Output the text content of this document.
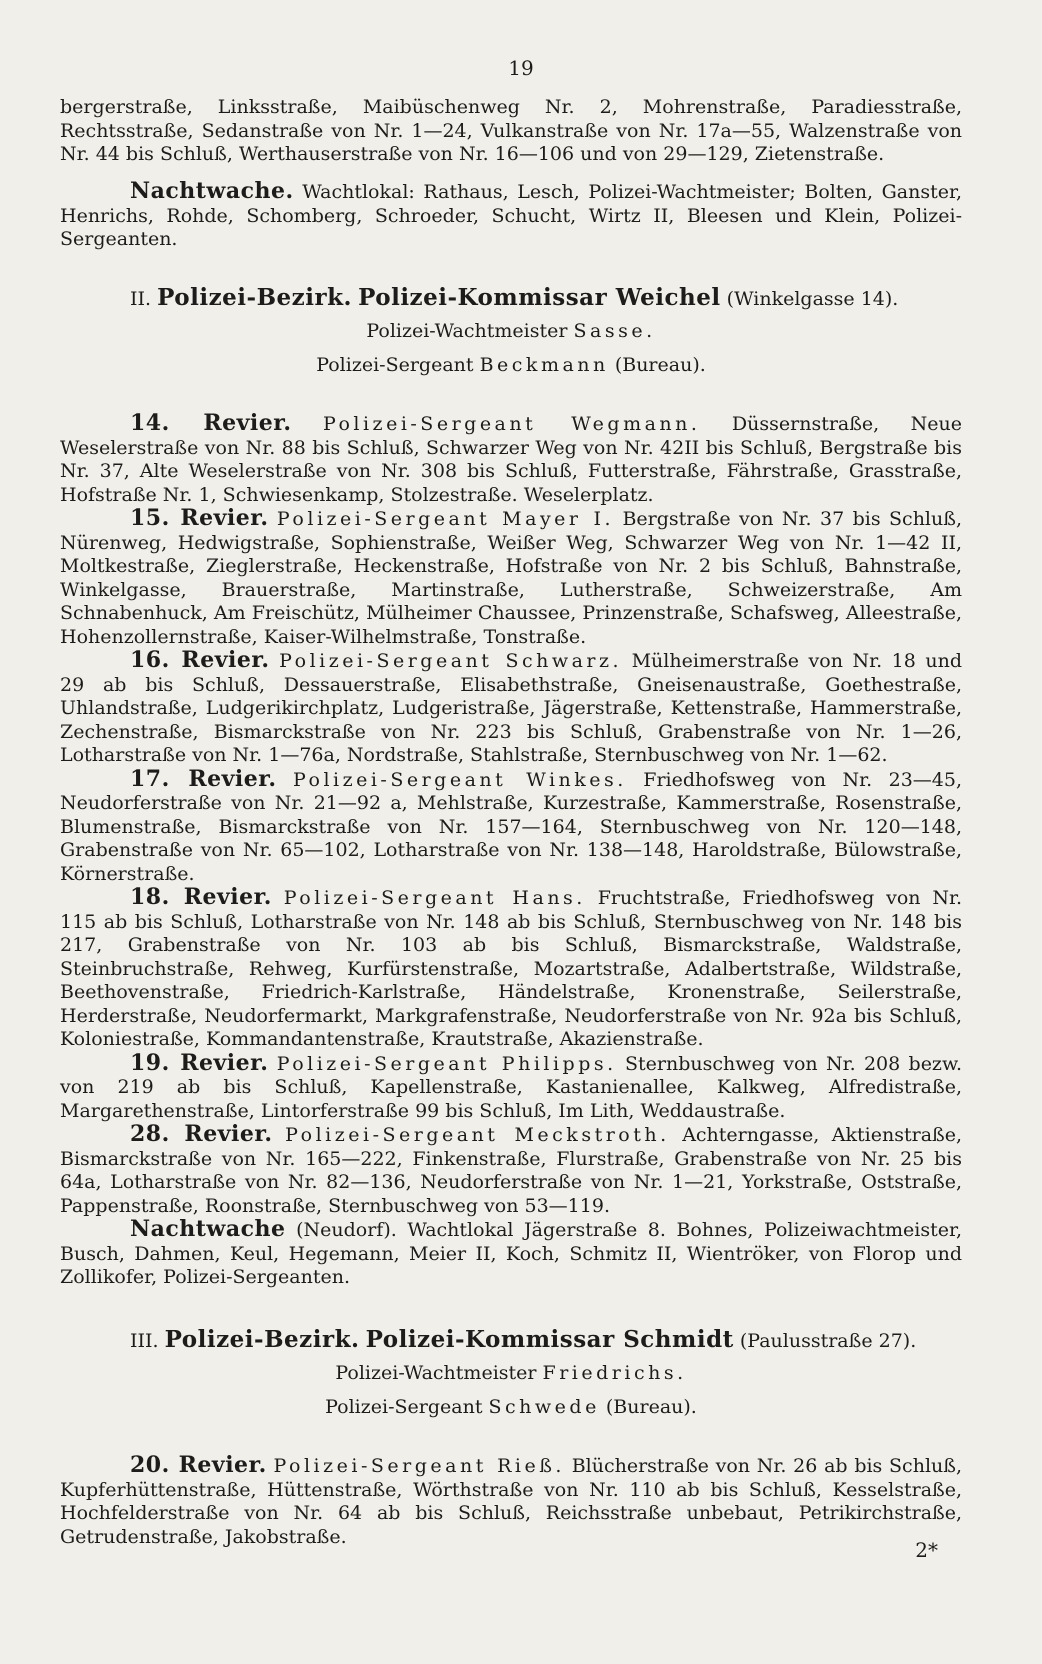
19

bergerstraße, Linksstraße, Maibüschenweg Nr. 2, Mohrenstraße, Paradiesstraße, Rechtsstraße, Sedanstraße von Nr. 1—24, Vulkanstraße von Nr. 17a—55, Walzenstraße von Nr. 44 bis Schluß, Werthauserstraße von Nr. 16—106 und von 29—129, Zietenstraße.

Nachtwache. Wachtlokal: Rathaus, Lesch, Polizei-Wachtmeister; Bolten, Ganster, Henrichs, Rohde, Schomberg, Schroeder, Schucht, Wirtz II, Bleesen und Klein, Polizei-Sergeanten.

II. Polizei-Bezirk. Polizei-Kommissar Weichel (Winkelgasse 14).

Polizei-Wachtmeister Sasse.

Polizei-Sergeant Beckmann (Bureau).

14. Revier. Polizei-Sergeant Wegmann. Düssernstraße, Neue Weselerstraße von Nr. 88 bis Schluß, Schwarzer Weg von Nr. 42II bis Schluß, Bergstraße bis Nr. 37, Alte Weselerstraße von Nr. 308 bis Schluß, Futterstraße, Fährstraße, Grasstraße, Hofstraße Nr. 1, Schwiesenkamp, Stolzestraße. Weselerplatz.

15. Revier. Polizei-Sergeant Mayer I. Bergstraße von Nr. 37 bis Schluß, Nürenweg, Hedwigstraße, Sophienstraße, Weißer Weg, Schwarzer Weg von Nr. 1—42 II, Moltkestraße, Zieglerstraße, Heckenstraße, Hofstraße von Nr. 2 bis Schluß, Bahnstraße, Winkelgasse, Brauerstraße, Martinstraße, Lutherstraße, Schweizerstraße, Am Schnabenhuck, Am Freischütz, Mülheimer Chaussee, Prinzenstraße, Schafsweg, Alleestraße, Hohenzollernstraße, Kaiser-Wilhelmstraße, Tonstraße.

16. Revier. Polizei-Sergeant Schwarz. Mülheimerstraße von Nr. 18 und 29 ab bis Schluß, Dessauerstraße, Elisabethstraße, Gneisenaustraße, Goethestraße, Uhlandstraße, Ludgerikirchplatz, Ludgeristraße, Jägerstraße, Kettenstraße, Hammerstraße, Zechenstraße, Bismarckstraße von Nr. 223 bis Schluß, Grabenstraße von Nr. 1—26, Lotharstraße von Nr. 1—76a, Nordstraße, Stahlstraße, Sternbuschweg von Nr. 1—62.

17. Revier. Polizei-Sergeant Winkes. Friedhofsweg von Nr. 23—45, Neudorferstraße von Nr. 21—92 a, Mehlstraße, Kurzestraße, Kammerstraße, Rosenstraße, Blumenstraße, Bismarckstraße von Nr. 157—164, Sternbuschweg von Nr. 120—148, Grabenstraße von Nr. 65—102, Lotharstraße von Nr. 138—148, Haroldstraße, Bülowstraße, Körnerstraße.

18. Revier. Polizei-Sergeant Hans. Fruchtstraße, Friedhofsweg von Nr. 115 ab bis Schluß, Lotharstraße von Nr. 148 ab bis Schluß, Sternbuschweg von Nr. 148 bis 217, Grabenstraße von Nr. 103 ab bis Schluß, Bismarckstraße, Waldstraße, Steinbruchstraße, Rehweg, Kurfürstenstraße, Mozartstraße, Adalbertstraße, Wildstraße, Beethovenstraße, Friedrich-Karlstraße, Händelstraße, Kronenstraße, Seilerstraße, Herderstraße, Neudorfermarkt, Markgrafenstraße, Neudorferstraße von Nr. 92a bis Schluß, Koloniestraße, Kommandantenstraße, Krautstraße, Akazienstraße.

19. Revier. Polizei-Sergeant Philipps. Sternbuschweg von Nr. 208 bezw. von 219 ab bis Schluß, Kapellenstraße, Kastanienallee, Kalkweg, Alfredistraße, Margarethenstraße, Lintorferstraße 99 bis Schluß, Im Lith, Weddaustraße.

28. Revier. Polizei-Sergeant Meckstroth. Achterngasse, Aktienstraße, Bismarckstraße von Nr. 165—222, Finkenstraße, Flurstraße, Grabenstraße von Nr. 25 bis 64a, Lotharstraße von Nr. 82—136, Neudorferstraße von Nr. 1—21, Yorkstraße, Oststraße, Pappenstraße, Roonstraße, Sternbuschweg von 53—119.

Nachtwache (Neudorf). Wachtlokal Jägerstraße 8. Bohnes, Polizeiwachtmeister, Busch, Dahmen, Keul, Hegemann, Meier II, Koch, Schmitz II, Wientröker, von Florop und Zollikofer, Polizei-Sergeanten.

III. Polizei-Bezirk. Polizei-Kommissar Schmidt (Paulusstraße 27).

Polizei-Wachtmeister Friedrichs.

Polizei-Sergeant Schwede (Bureau).

20. Revier. Polizei-Sergeant Rieß. Blücherstraße von Nr. 26 ab bis Schluß, Kupferhüttenstraße, Hüttenstraße, Wörthstraße von Nr. 110 ab bis Schluß, Kesselstraße, Hochfelderstraße von Nr. 64 ab bis Schluß, Reichsstraße unbebaut, Petrikirchstraße, Getrudenstraße, Jakobstraße.

2*
